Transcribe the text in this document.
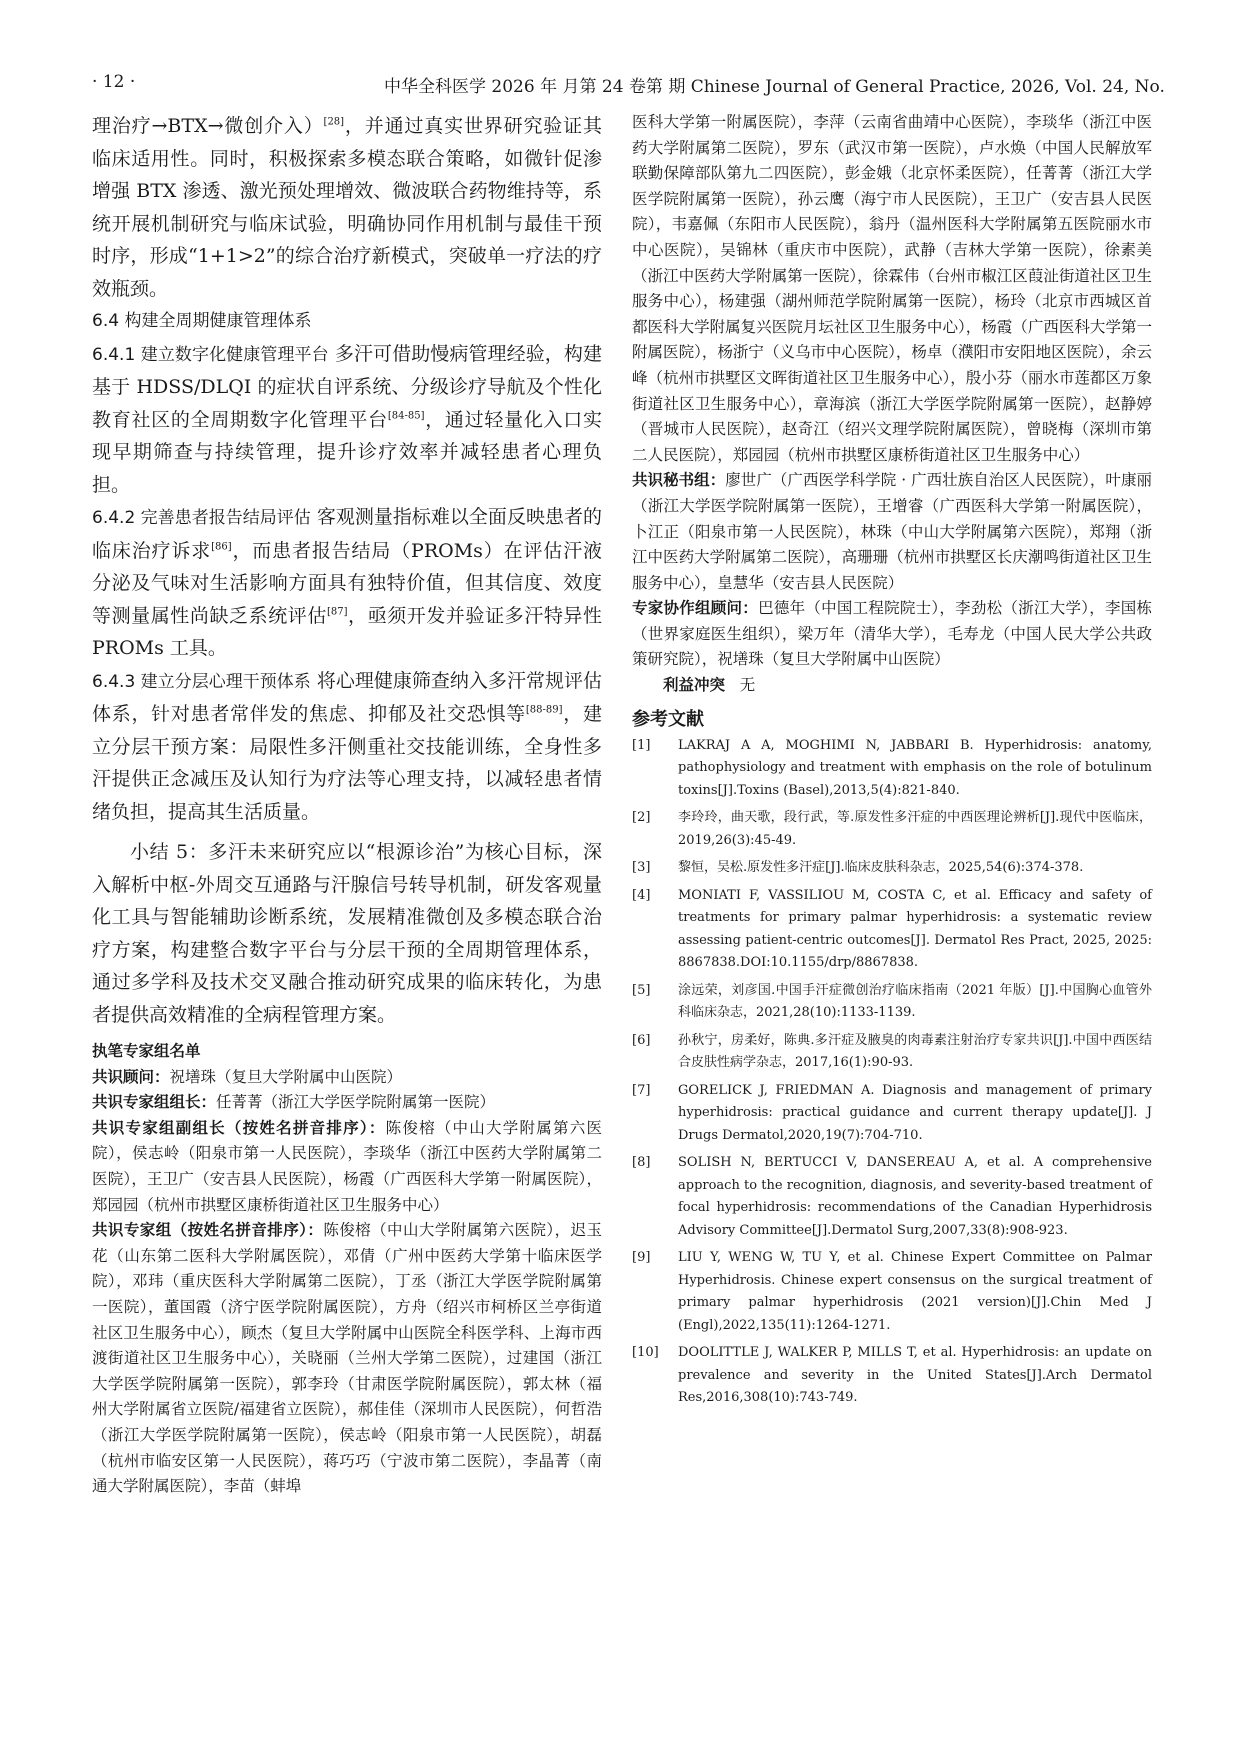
· 12 ·	中华全科医学 2026 年 月第 24 卷第 期 Chinese Journal of General Practice, 2026, Vol. 24, No.

理治疗→BTX→微创介入）[28]，并通过真实世界研究验证其临床适用性。同时，积极探索多模态联合策略，如微针促渗增强 BTX 渗透、激光预处理增效、微波联合药物维持等，系统开展机制研究与临床试验，明确协同作用机制与最佳干预时序，形成“1+1>2”的综合治疗新模式，突破单一疗法的疗效瓶颈。

6.4 构建全周期健康管理体系

6.4.1 建立数字化健康管理平台 多汗可借助慢病管理经验，构建基于 HDSS/DLQI 的症状自评系统、分级诊疗导航及个性化教育社区的全周期数字化管理平台[84-85]，通过轻量化入口实现早期筛查与持续管理，提升诊疗效率并减轻患者心理负担。

6.4.2 完善患者报告结局评估 客观测量指标难以全面反映患者的临床治疗诉求[86]，而患者报告结局（PROMs）在评估汗液分泌及气味对生活影响方面具有独特价值，但其信度、效度等测量属性尚缺乏系统评估[87]，亟须开发并验证多汗特异性 PROMs 工具。

6.4.3 建立分层心理干预体系 将心理健康筛查纳入多汗常规评估体系，针对患者常伴发的焦虑、抑郁及社交恐惧等[88-89]，建立分层干预方案：局限性多汗侧重社交技能训练，全身性多汗提供正念减压及认知行为疗法等心理支持，以减轻患者情绪负担，提高其生活质量。

小结 5：多汗未来研究应以“根源诊治”为核心目标，深入解析中枢-外周交互通路与汗腺信号转导机制，研发客观量化工具与智能辅助诊断系统，发展精准微创及多模态联合治疗方案，构建整合数字平台与分层干预的全周期管理体系，通过多学科及技术交叉融合推动研究成果的临床转化，为患者提供高效精准的全病程管理方案。

执笔专家组名单

共识顾问：祝墡珠（复旦大学附属中山医院）

共识专家组组长：任菁菁（浙江大学医学院附属第一医院）

共识专家组副组长（按姓名拼音排序）：陈俊榕（中山大学附属第六医院），侯志岭（阳泉市第一人民医院），李琰华（浙江中医药大学附属第二医院），王卫广（安吉县人民医院），杨霞（广西医科大学第一附属医院），郑园园（杭州市拱墅区康桥街道社区卫生服务中心）

共识专家组（按姓名拼音排序）：陈俊榕（中山大学附属第六医院），迟玉花（山东第二医科大学附属医院），邓倩（广州中医药大学第十临床医学院），邓玮（重庆医科大学附属第二医院），丁丞（浙江大学医学院附属第一医院），董国霞（济宁医学院附属医院），方舟（绍兴市柯桥区兰亭街道社区卫生服务中心），顾杰（复旦大学附属中山医院全科医学科、上海市西渡街道社区卫生服务中心），关晓丽（兰州大学第二医院），过建国（浙江大学医学院附属第一医院），郭李玲（甘肃医学院附属医院），郭太林（福州大学附属省立医院/福建省立医院），郝佳佳（深圳市人民医院），何哲浩（浙江大学医学院附属第一医院），侯志岭（阳泉市第一人民医院），胡磊（杭州市临安区第一人民医院），蒋巧巧（宁波市第二医院），李晶菁（南通大学附属医院），李苗（蚌埠

医科大学第一附属医院），李萍（云南省曲靖中心医院），李琰华（浙江中医药大学附属第二医院），罗东（武汉市第一医院），卢水焕（中国人民解放军联勤保障部队第九二四医院），彭金娥（北京怀柔医院），任菁菁（浙江大学医学院附属第一医院），孙云鹰（海宁市人民医院），王卫广（安吉县人民医院），韦嘉佩（东阳市人民医院），翁丹（温州医科大学附属第五医院丽水市中心医院），吴锦林（重庆市中医院），武静（吉林大学第一医院），徐素美（浙江中医药大学附属第一医院），徐霖伟（台州市椒江区葭沚街道社区卫生服务中心），杨建强（湖州师范学院附属第一医院），杨玲（北京市西城区首都医科大学附属复兴医院月坛社区卫生服务中心），杨霞（广西医科大学第一附属医院），杨浙宁（义乌市中心医院），杨卓（濮阳市安阳地区医院），余云峰（杭州市拱墅区文晖街道社区卫生服务中心），殷小芬（丽水市莲都区万象街道社区卫生服务中心），章海滨（浙江大学医学院附属第一医院），赵静婷（晋城市人民医院），赵奇江（绍兴文理学院附属医院），曾晓梅（深圳市第二人民医院），郑园园（杭州市拱墅区康桥街道社区卫生服务中心）

共识秘书组：廖世广（广西医学科学院 · 广西壮族自治区人民医院），叶康丽（浙江大学医学院附属第一医院），王增睿（广西医科大学第一附属医院），卜江正（阳泉市第一人民医院），林珠（中山大学附属第六医院），郑翔（浙江中医药大学附属第二医院），高珊珊（杭州市拱墅区长庆潮鸣街道社区卫生服务中心），皇慧华（安吉县人民医院）

专家协作组顾问：巴德年（中国工程院院士），李劲松（浙江大学），李国栋（世界家庭医生组织），梁万年（清华大学），毛寿龙（中国人民大学公共政策研究院），祝墡珠（复旦大学附属中山医院）

利益冲突 无

参考文献

[1] LAKRAJ A A, MOGHIMI N, JABBARI B. Hyperhidrosis: anatomy, pathophysiology and treatment with emphasis on the role of botulinum toxins[J].Toxins (Basel),2013,5(4):821-840.
[2] 李玲玲，曲天歌，段行武，等.原发性多汗症的中西医理论辨析[J].现代中医临床，2019,26(3):45-49.
[3] 黎恒，吴松.原发性多汗症[J].临床皮肤科杂志，2025,54(6):374-378.
[4] MONIATI F, VASSILIOU M, COSTA C, et al. Efficacy and safety of treatments for primary palmar hyperhidrosis: a systematic review assessing patient-centric outcomes[J]. Dermatol Res Pract, 2025, 2025: 8867838.DOI:10.1155/drp/8867838.
[5] 涂远荣，刘彦国.中国手汗症微创治疗临床指南（2021 年版）[J].中国胸心血管外科临床杂志，2021,28(10):1133-1139.
[6] 孙秋宁，房柔好，陈典.多汗症及腋臭的肉毒素注射治疗专家共识[J].中国中西医结合皮肤性病学杂志，2017,16(1):90-93.
[7] GORELICK J, FRIEDMAN A. Diagnosis and management of primary hyperhidrosis: practical guidance and current therapy update[J]. J Drugs Dermatol,2020,19(7):704-710.
[8] SOLISH N, BERTUCCI V, DANSEREAU A, et al. A comprehensive approach to the recognition, diagnosis, and severity-based treatment of focal hyperhidrosis: recommendations of the Canadian Hyperhidrosis Advisory Committee[J].Dermatol Surg,2007,33(8):908-923.
[9] LIU Y, WENG W, TU Y, et al. Chinese Expert Committee on Palmar Hyperhidrosis. Chinese expert consensus on the surgical treatment of primary palmar hyperhidrosis (2021 version)[J].Chin Med J (Engl),2022,135(11):1264-1271.
[10] DOOLITTLE J, WALKER P, MILLS T, et al. Hyperhidrosis: an update on prevalence and severity in the United States[J].Arch Dermatol Res,2016,308(10):743-749.
